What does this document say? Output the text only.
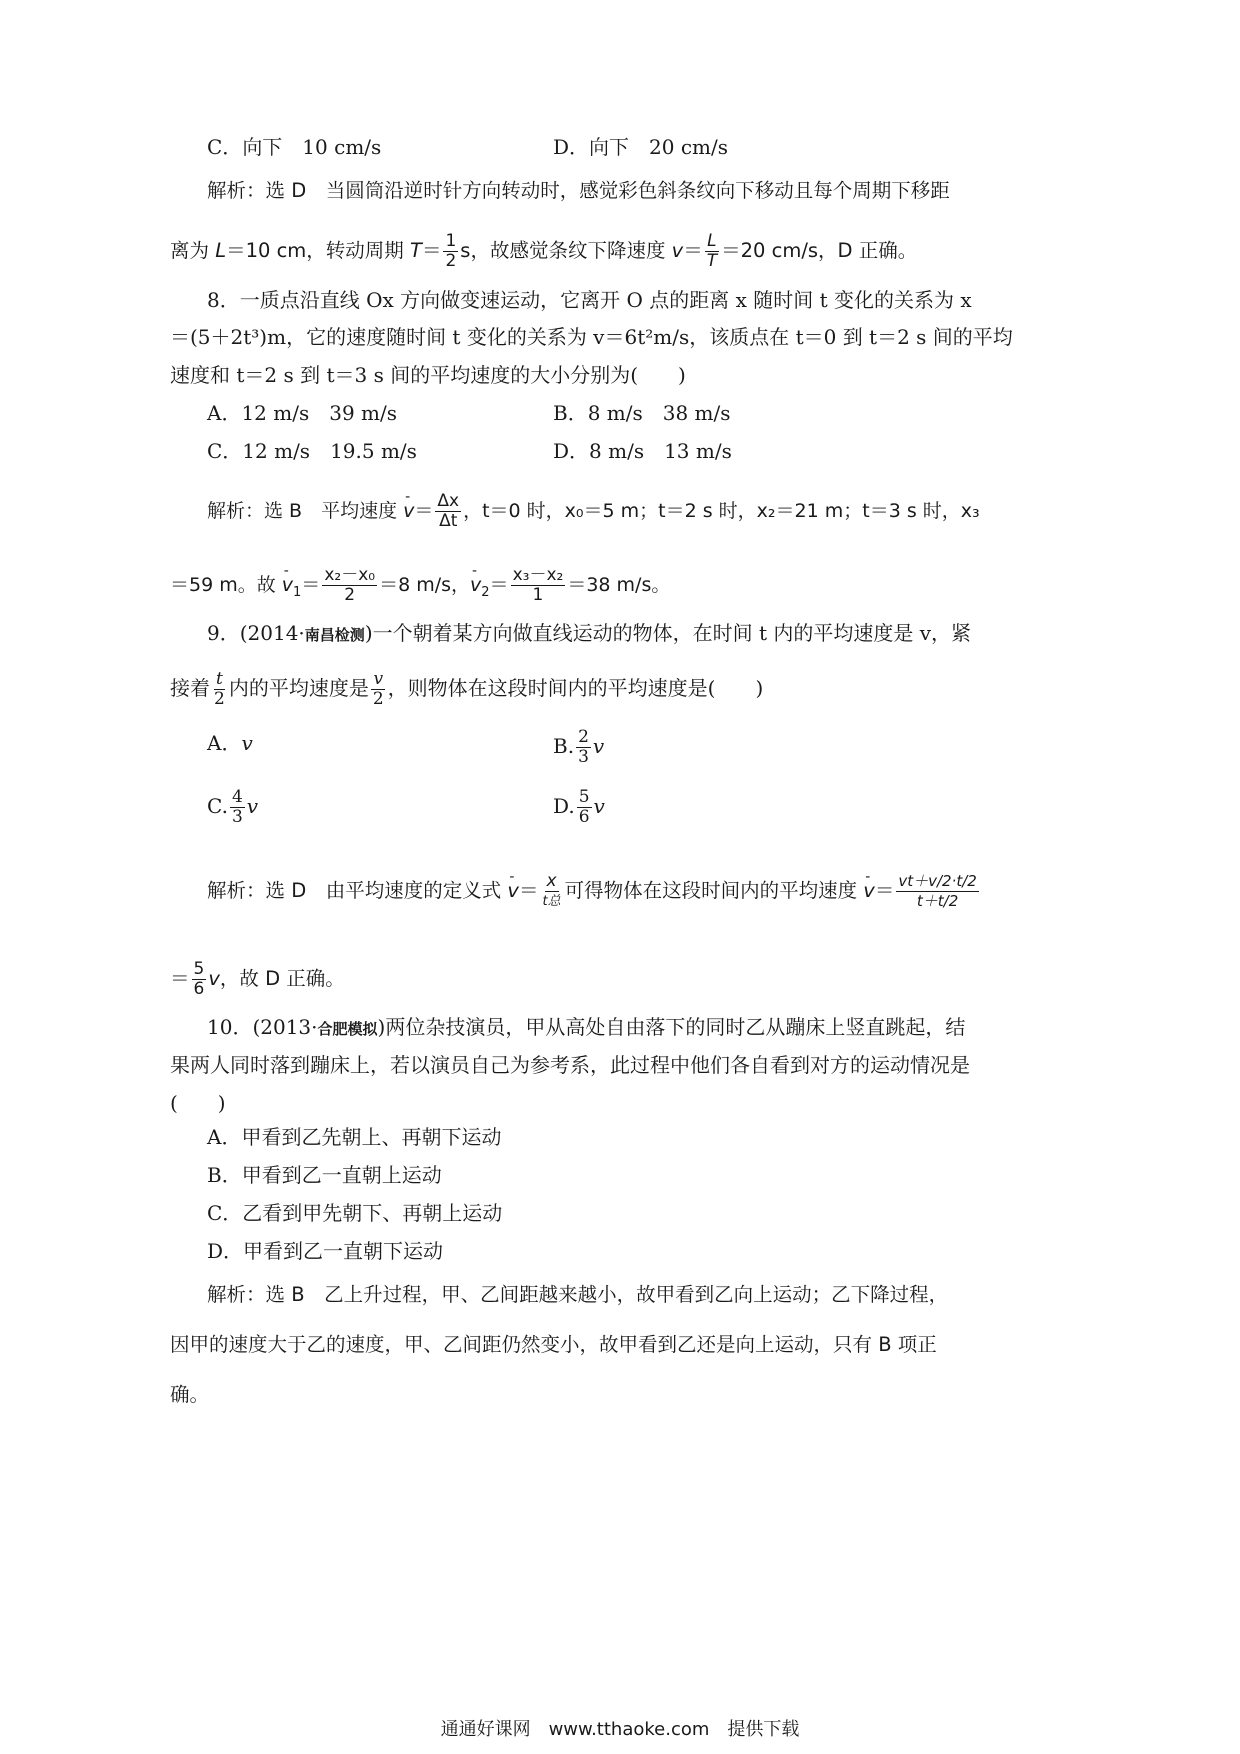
C．向下　10 cm/s	D．向下　20 cm/s
解析：选 D　当圆筒沿逆时针方向转动时，感觉彩色斜条纹向下移动且每个周期下移距
离为 L＝10 cm，转动周期 $T= \frac{1}{2}$ s，故感觉条纹下降速度 $v= \frac{L}{T} =20$ cm/s，D 正确。
8．一质点沿直线 Ox 方向做变速运动，它离开 O 点的距离 x 随时间 t 变化的关系为 x
＝(5＋2t³)m，它的速度随时间 t 变化的关系为 v＝6t²m/s，该质点在 t＝0 到 t＝2 s 间的平均
速度和 t＝2 s 到 t＝3 s 间的平均速度的大小分别为(　　)
A．12 m/s　39 m/s	B．8 m/s　38 m/s
C．12 m/s　19.5 m/s	D．8 m/s　13 m/s
解析：选 B　平均速度 - $v= \frac{\Delta x}{\Delta t}$ ，t＝0 时，x₀＝5 m；t＝2 s 时，x₂＝21 m；t＝3 s 时，x₃
＝59 m。故 - $v_1= \frac{\text{x₂－x₀}}{2} =8$ m/s，- $v_2= \frac{\text{x₃－x₂}}{1} =38$ m/s。
9．(2014·南昌检测)一个朝着某方向做直线运动的物体，在时间 t 内的平均速度是 v，紧
接着 $\frac{t}{2}$ 内的平均速度是 $\frac{v}{2}$ ，则物体在这段时间内的平均速度是(　　)
A．v	B. $\frac{2}{3}$ v
C. $\frac{4}{3}$ v	D. $\frac{5}{6}$ v
解析：选 D　由平均速度的定义式 - $v= \frac{x}{\text{t总}}$ 可得物体在这段时间内的平均速度 - $v= \frac{vt+v/2\cdot t/2}{t+t/2}$
＝ $\frac{5}{6}$ v，故 D 正确。
10．(2013·合肥模拟)两位杂技演员，甲从高处自由落下的同时乙从蹦床上竖直跳起，结
果两人同时落到蹦床上，若以演员自己为参考系，此过程中他们各自看到对方的运动情况是
(　　)
A．甲看到乙先朝上、再朝下运动
B．甲看到乙一直朝上运动
C．乙看到甲先朝下、再朝上运动
D．甲看到乙一直朝下运动
解析：选 B　乙上升过程，甲、乙间距越来越小，故甲看到乙向上运动；乙下降过程，
因甲的速度大于乙的速度，甲、乙间距仍然变小，故甲看到乙还是向上运动，只有 B 项正
确。
通通好课网　www.tthaoke.com　提供下载
